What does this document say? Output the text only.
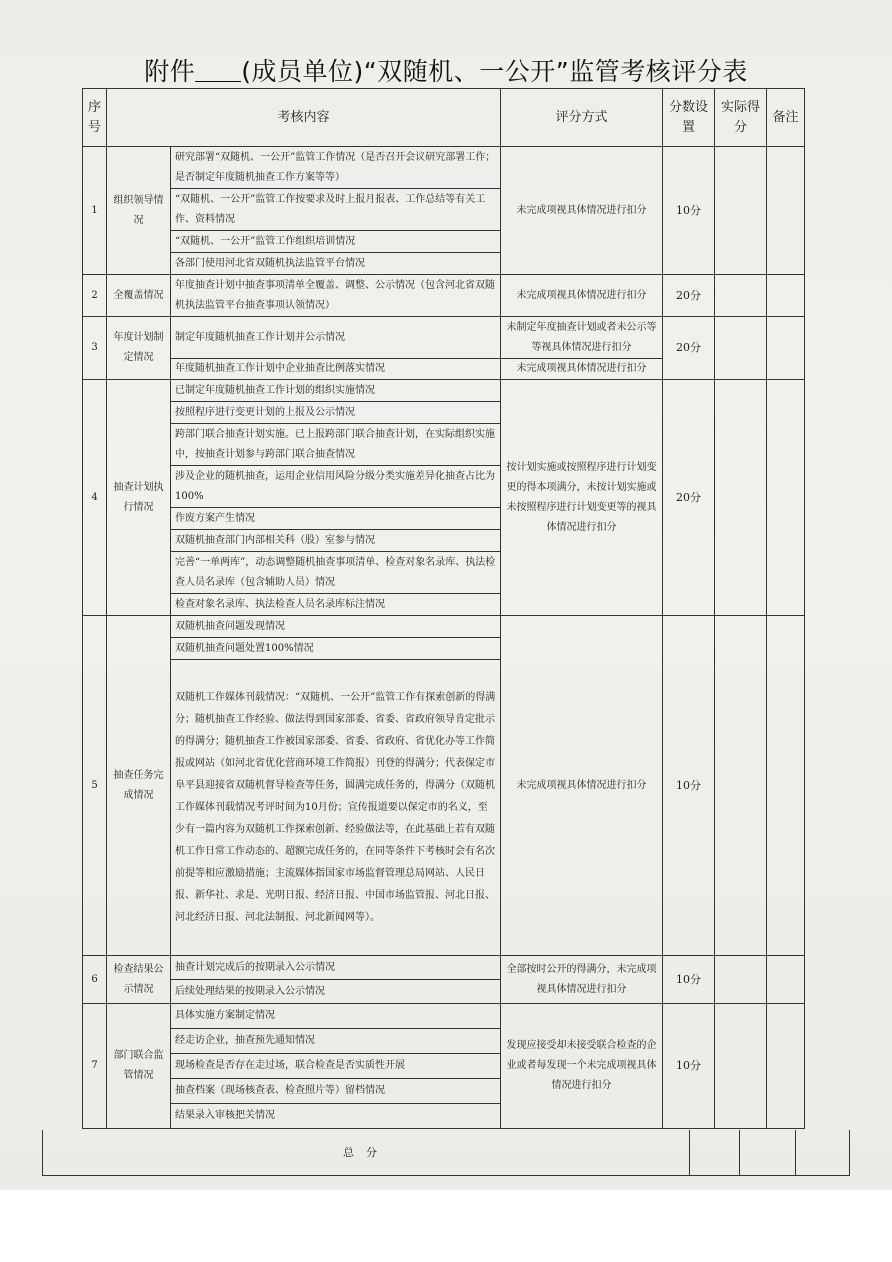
附件 (成员单位)“双随机、一公开”监管考核评分表
序号	考核内容		评分方式	分数设置	实际得分	备注
1	组织领导情况	研究部署“双随机、一公开”监管工作情况（是否召开会议研究部署工作；是否制定年度随机抽查工作方案等等）	未完成项视具体情况进行扣分	10分		
		“双随机、一公开”监管工作按要求及时上报月报表、工作总结等有关工作、资料情况				
		“双随机、一公开”监管工作组织培训情况				
		各部门使用河北省双随机执法监管平台情况				
2	全覆盖情况	年度抽查计划中抽查事项清单全覆盖、调整、公示情况（包含河北省双随机执法监管平台抽查事项认领情况）	未完成项视具体情况进行扣分	20分		
3	年度计划制定情况	制定年度随机抽查工作计划并公示情况	未制定年度抽查计划或者未公示等等视具体情况进行扣分	20分		
		年度随机抽查工作计划中企业抽查比例落实情况	未完成项视具体情况进行扣分			
4	抽查计划执行情况	已制定年度随机抽查工作计划的组织实施情况	按计划实施或按照程序进行计划变更的得本项满分，未按计划实施或未按照程序进行计划变更等的视具体情况进行扣分	20分		
		按照程序进行变更计划的上报及公示情况				
		跨部门联合抽查计划实施。已上报跨部门联合抽查计划，在实际组织实施中，按抽查计划参与跨部门联合抽查情况				
		涉及企业的随机抽查，运用企业信用风险分级分类实施差异化抽查占比为100%				
		作废方案产生情况				
		双随机抽查部门内部相关科（股）室参与情况				
		完善“一单两库”，动态调整随机抽查事项清单、检查对象名录库、执法检查人员名录库（包含辅助人员）情况				
		检查对象名录库、执法检查人员名录库标注情况				
5	抽查任务完成情况	双随机抽查问题发现情况	未完成项视具体情况进行扣分	10分		
		双随机抽查问题处置100%情况				
		双随机工作媒体刊载情况：“双随机、一公开”监管工作有探索创新的得满分；随机抽查工作经验、做法得到国家部委、省委、省政府领导肯定批示的得满分；随机抽查工作被国家部委、省委、省政府、省优化办等工作简报或网站（如河北省优化营商环境工作简报）刊登的得满分；代表保定市阜平县迎接省双随机督导检查等任务，圆满完成任务的，得满分（双随机工作媒体刊载情况考评时间为10月份；宣传报道要以保定市的名义，至少有一篇内容为双随机工作探索创新、经验做法等，在此基础上若有双随机工作日常工作动态的、超额完成任务的，在同等条件下考核时会有名次前提等相应激励措施；主流媒体指国家市场监督管理总局网站、人民日报、新华社、求是、光明日报、经济日报、中国市场监管报、河北日报、河北经济日报、河北法制报、河北新闻网等）。				
6	检查结果公示情况	抽查计划完成后的按期录入公示情况	全部按时公开的得满分，未完成项视具体情况进行扣分	10分		
		后续处理结果的按期录入公示情况				
7	部门联合监管情况	具体实施方案制定情况	发现应接受却未接受联合检查的企业或者每发现一个未完成项视具体情况进行扣分	10分		
		经走访企业，抽查预先通知情况				
		现场检查是否存在走过场，联合检查是否实质性开展				
		抽查档案（现场核查表、检查照片等）留档情况				
		结果录入审核把关情况				
总分
